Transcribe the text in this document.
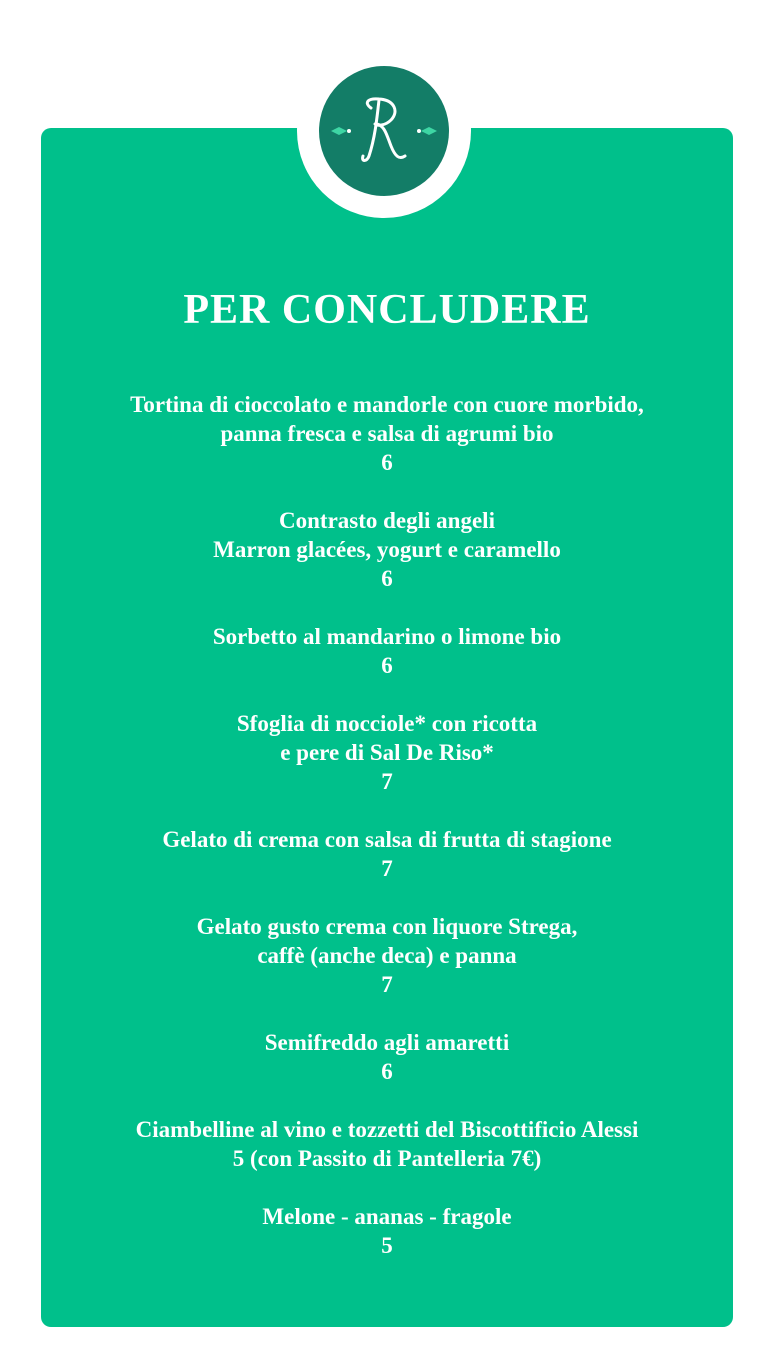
PER CONCLUDERE
Tortina di cioccolato e mandorle con cuore morbido,
panna fresca e salsa di agrumi bio
6
Contrasto degli angeli
Marron glacées, yogurt e caramello
6
Sorbetto al mandarino o limone bio
6
Sfoglia di nocciole* con ricotta
e pere di Sal De Riso*
7
Gelato di crema con salsa di frutta di stagione
7
Gelato gusto crema con liquore Strega,
caffè (anche deca) e panna
7
Semifreddo agli amaretti
6
Ciambelline al vino e tozzetti del Biscottificio Alessi
5 (con Passito di Pantelleria 7€)
Melone - ananas - fragole
5
